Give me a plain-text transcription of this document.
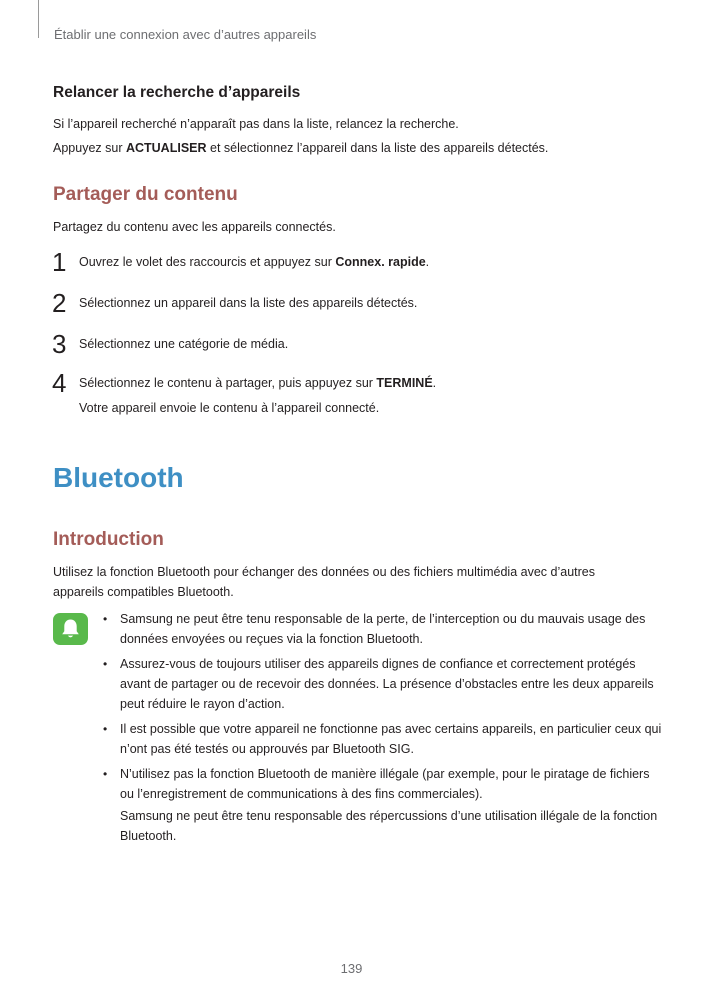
Établir une connexion avec d’autres appareils
Relancer la recherche d’appareils
Si l’appareil recherché n’apparaît pas dans la liste, relancez la recherche.
Appuyez sur ACTUALISER et sélectionnez l’appareil dans la liste des appareils détectés.
Partager du contenu
Partagez du contenu avec les appareils connectés.
1 Ouvrez le volet des raccourcis et appuyez sur Connex. rapide.
2 Sélectionnez un appareil dans la liste des appareils détectés.
3 Sélectionnez une catégorie de média.
4 Sélectionnez le contenu à partager, puis appuyez sur TERMINÉ.
Votre appareil envoie le contenu à l’appareil connecté.
Bluetooth
Introduction
Utilisez la fonction Bluetooth pour échanger des données ou des fichiers multimédia avec d’autres
appareils compatibles Bluetooth.
• Samsung ne peut être tenu responsable de la perte, de l’interception ou du mauvais usage des données envoyées ou reçues via la fonction Bluetooth.
• Assurez-vous de toujours utiliser des appareils dignes de confiance et correctement protégés avant de partager ou de recevoir des données. La présence d’obstacles entre les deux appareils peut réduire le rayon d’action.
• Il est possible que votre appareil ne fonctionne pas avec certains appareils, en particulier ceux qui n’ont pas été testés ou approuvés par Bluetooth SIG.
• N’utilisez pas la fonction Bluetooth de manière illégale (par exemple, pour le piratage de fichiers ou l’enregistrement de communications à des fins commerciales).
Samsung ne peut être tenu responsable des répercussions d’une utilisation illégale de la fonction Bluetooth.
139
